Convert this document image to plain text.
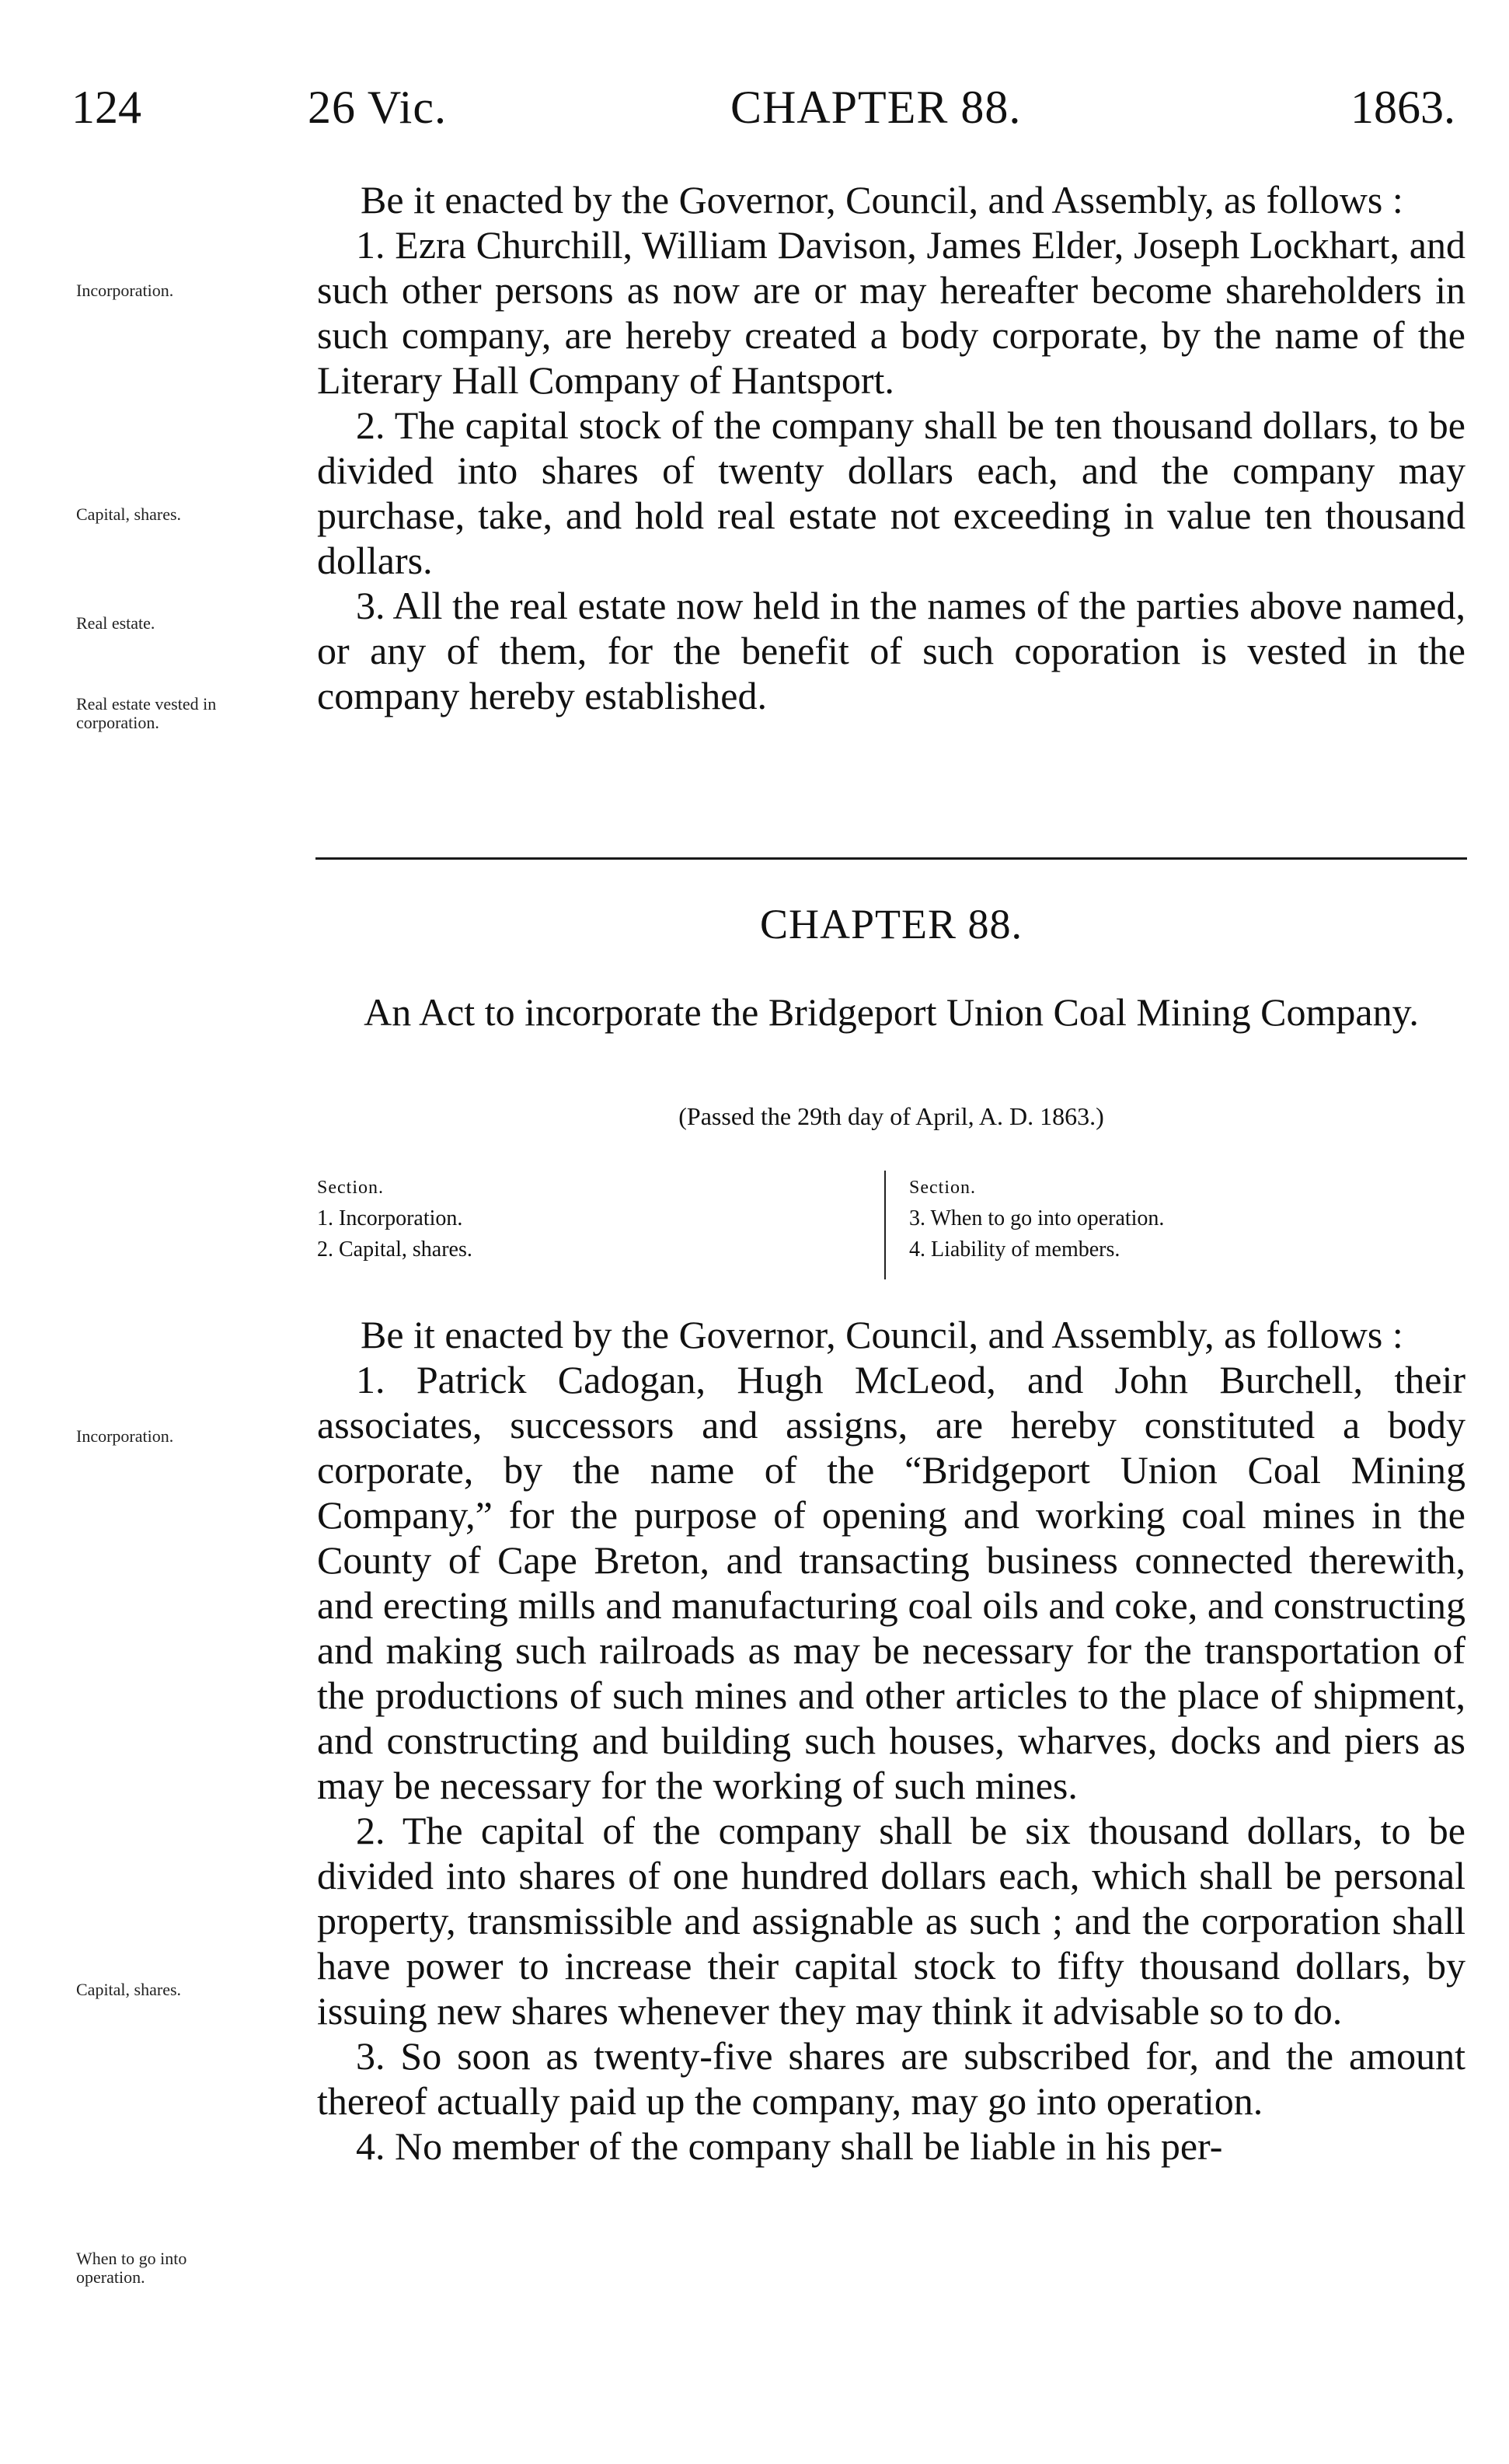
124	26 Vic.	CHAPTER 88.	1863.

Be it enacted by the Governor, Council, and Assembly, as follows :

1. Ezra Churchill, William Davison, James Elder, Joseph Lockhart, and such other persons as now are or may hereafter become shareholders in such company, are hereby created a body corporate, by the name of the Literary Hall Company of Hantsport.

2. The capital stock of the company shall be ten thousand dollars, to be divided into shares of twenty dollars each, and the company may purchase, take, and hold real estate not exceeding in value ten thousand dollars.

3. All the real estate now held in the names of the parties above named, or any of them, for the benefit of such coporation is vested in the company hereby established.

Incorporation.
Capital, shares.
Real estate.
Real estate vested in corporation.
CHAPTER 88.
An Act to incorporate the Bridgeport Union Coal Mining Company.
(Passed the 29th day of April, A. D. 1863.)
Section.
1. Incorporation.
2. Capital, shares.
Section.
3. When to go into operation.
4. Liability of members.

Be it enacted by the Governor, Council, and Assembly, as follows :

1. Patrick Cadogan, Hugh McLeod, and John Burchell, their associates, successors and assigns, are hereby constituted a body corporate, by the name of the “Bridgeport Union Coal Mining Company,” for the purpose of opening and working coal mines in the County of Cape Breton, and transacting business connected therewith, and erecting mills and manufacturing coal oils and coke, and constructing and making such railroads as may be necessary for the transportation of the productions of such mines and other articles to the place of shipment, and constructing and building such houses, wharves, docks and piers as may be necessary for the working of such mines.

2. The capital of the company shall be six thousand dollars, to be divided into shares of one hundred dollars each, which shall be personal property, transmissible and assignable as such ; and the corporation shall have power to increase their capital stock to fifty thousand dollars, by issuing new shares whenever they may think it advisable so to do.

3. So soon as twenty-five shares are subscribed for, and the amount thereof actually paid up the company, may go into operation.

4. No member of the company shall be liable in his per-

Incorporation.
Capital, shares.
When to go into operation.
